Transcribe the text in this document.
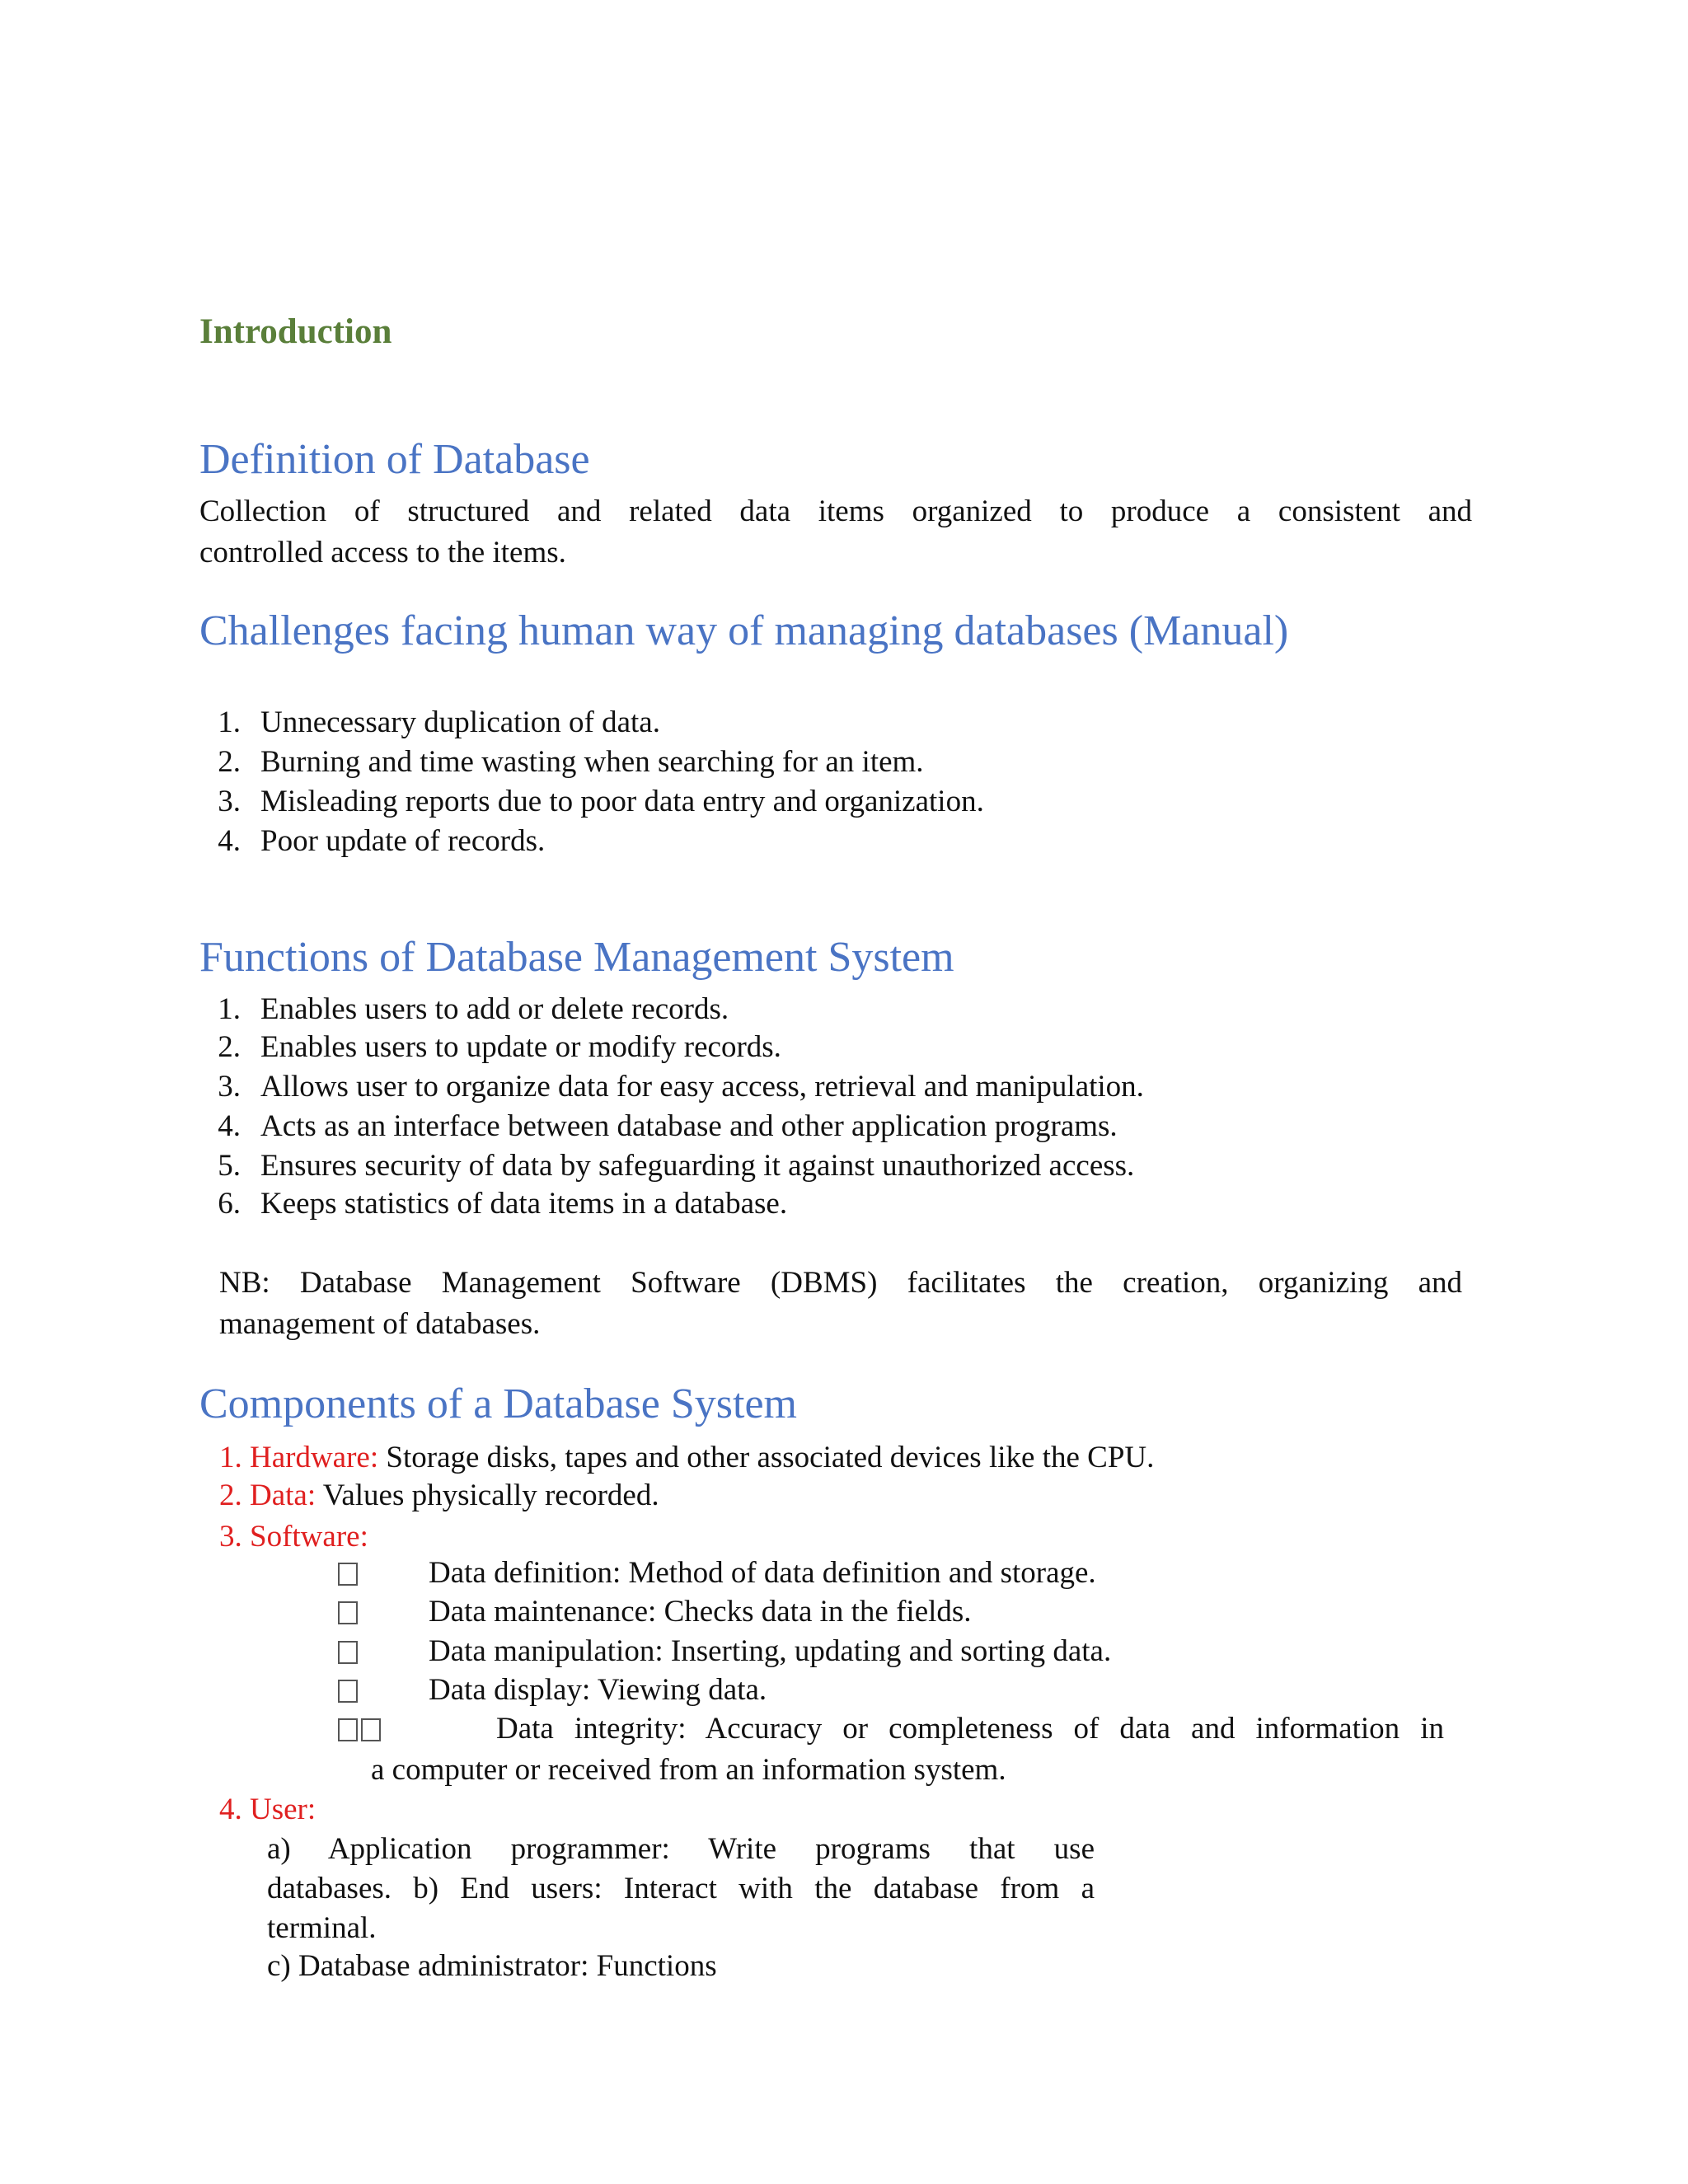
Introduction
Definition of Database
Collection of structured and related data items organized to produce a consistent and
controlled access to the items.
Challenges facing human way of managing databases (Manual)
1. Unnecessary duplication of data.
2. Burning and time wasting when searching for an item.
3. Misleading reports due to poor data entry and organization.
4. Poor update of records.
Functions of Database Management System
1. Enables users to add or delete records.
2. Enables users to update or modify records.
3. Allows user to organize data for easy access, retrieval and manipulation.
4. Acts as an interface between database and other application programs.
5. Ensures security of data by safeguarding it against unauthorized access.
6. Keeps statistics of data items in a database.
NB: Database Management Software (DBMS) facilitates the creation, organizing and
management of databases.
Components of a Database System
1. Hardware: Storage disks, tapes and other associated devices like the CPU.
2. Data: Values physically recorded.
3. Software:
Data definition: Method of data definition and storage.
Data maintenance: Checks data in the fields.
Data manipulation: Inserting, updating and sorting data.
Data display: Viewing data.
Data integrity: Accuracy or completeness of data and information in
a computer or received from an information system.
4. User:
a) Application programmer: Write programs that use
databases. b) End users: Interact with the database from a
terminal.
c) Database administrator: Functions
